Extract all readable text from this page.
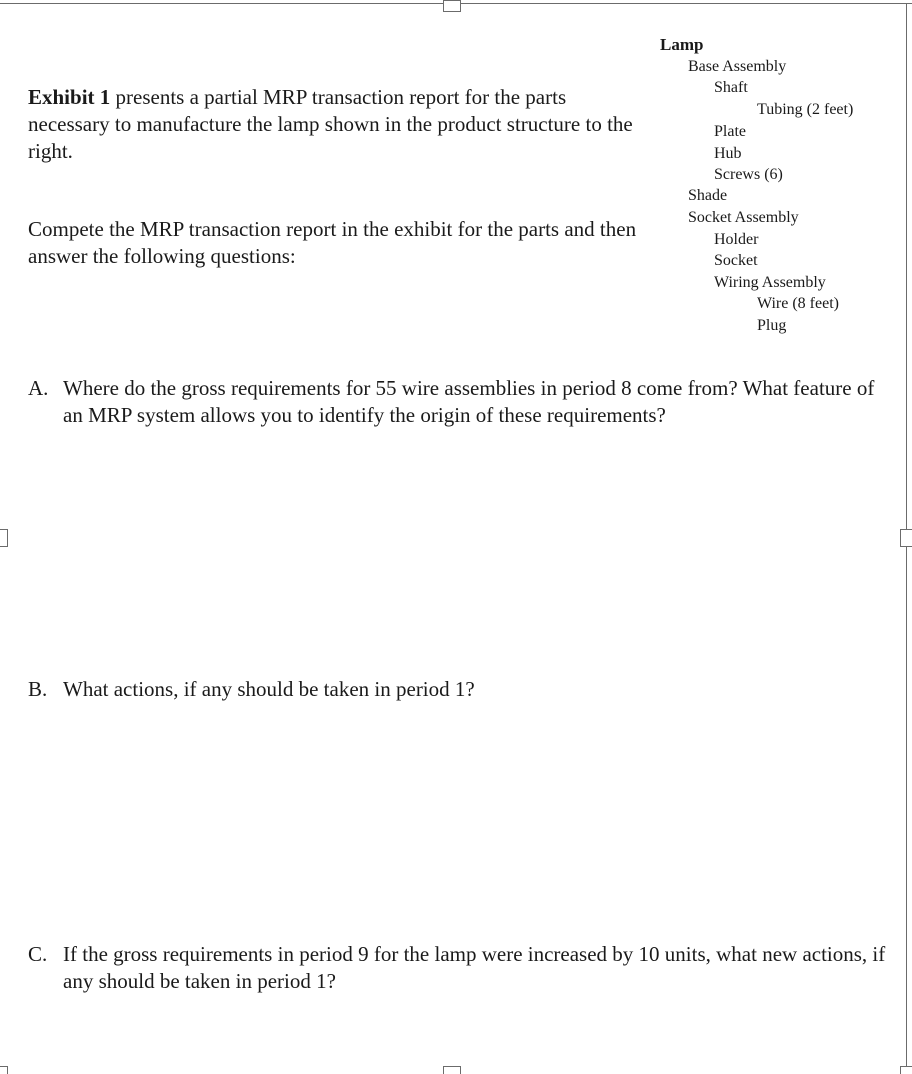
Exhibit 1 presents a partial MRP transaction report for the parts necessary to manufacture the lamp shown in the product structure to the right.
Compete the MRP transaction report in the exhibit for the parts and then answer the following questions:
Lamp
Base Assembly
Shaft
Tubing (2 feet)
Plate
Hub
Screws (6)
Shade
Socket Assembly
Holder
Socket
Wiring Assembly
Wire (8 feet)
Plug
A. Where do the gross requirements for 55 wire assemblies in period 8 come from? What feature of an MRP system allows you to identify the origin of these requirements?
B. What actions, if any should be taken in period 1?
C. If the gross requirements in period 9 for the lamp were increased by 10 units, what new actions, if any should be taken in period 1?
